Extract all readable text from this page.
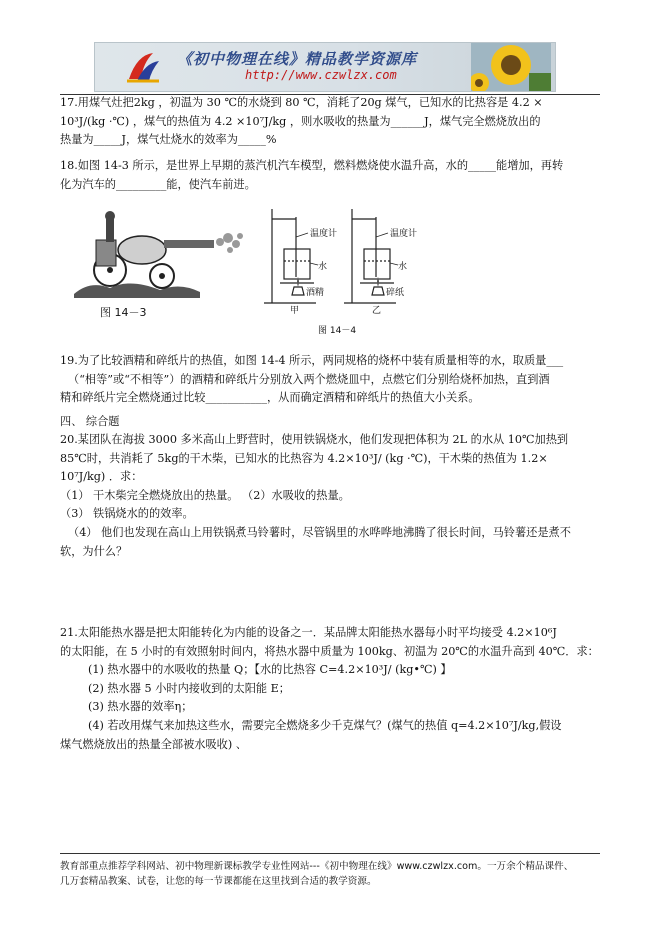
《初中物理在线》精品教学资源库
http://www.czwlzx.com

17.用煤气灶把2kg ，初温为 30 ℃的水烧到 80 ℃，消耗了20g 煤气，已知水的比热容是 4.2 ×

10³J/(kg ·℃) ，煤气的热值为 4.2 ×10⁷J/kg ，则水吸收的热量为______J，煤气完全燃烧放出的

热量为_____J，煤气灶烧水的效率为_____%

18.如图 14-3 所示，是世界上早期的蒸汽机汽车模型，燃料燃烧使水温升高，水的_____能增加，再转

化为汽车的_________能，使汽车前进。

图 14－3
温度计
水
酒精
甲
温度计
水
碎纸
乙
图 14－4

19.为了比较酒精和碎纸片的热值，如图 14-4 所示，两同规格的烧杯中装有质量相等的水，取质量___

（“相等”或“不相等”）的酒精和碎纸片分别放入两个燃烧皿中，点燃它们分别给烧杯加热，直到酒

精和碎纸片完全燃烧通过比较___________，从而确定酒精和碎纸片的热值大小关系。

四、 综合题

20.某团队在海拔 3000 多米高山上野营时，使用铁锅烧水，他们发现把体积为 2L 的水从 10℃加热到

85℃时，共消耗了 5kg的干木柴，已知水的比热容为 4.2×10³J/ (kg ·℃)，干木柴的热值为 1.2×

10⁷J/kg) ．求：

（1） 干木柴完全燃烧放出的热量。 （2）水吸收的热量。

（3） 铁锅烧水的的效率。

（4） 他们也发现在高山上用铁锅煮马铃薯时，尽管锅里的水哗哗地沸腾了很长时间，马铃薯还是煮不

软，为什么？

21.太阳能热水器是把太阳能转化为内能的设备之一．某品牌太阳能热水器每小时平均接受 4.2×10⁶J

的太阳能，在 5 小时的有效照射时间内，将热水器中质量为 100kg、初温为 20℃的水温升高到 40℃．求：

(1) 热水器中的水吸收的热量 Q；【水的比热容 C=4.2×10³J/ (kg•℃) 】

(2) 热水器 5 小时内接收到的太阳能 E；

(3) 热水器的效率η；

(4) 若改用煤气来加热这些水，需要完全燃烧多少千克煤气？(煤气的热值 q=4.2×10⁷J/kg,假设

煤气燃烧放出的热量全部被水吸收) 、

教育部重点推荐学科网站、初中物理新课标教学专业性网站---《初中物理在线》www.czwlzx.com。一万余个精品课件、

几万套精品教案、试卷，让您的每一节课都能在这里找到合适的教学资源。
